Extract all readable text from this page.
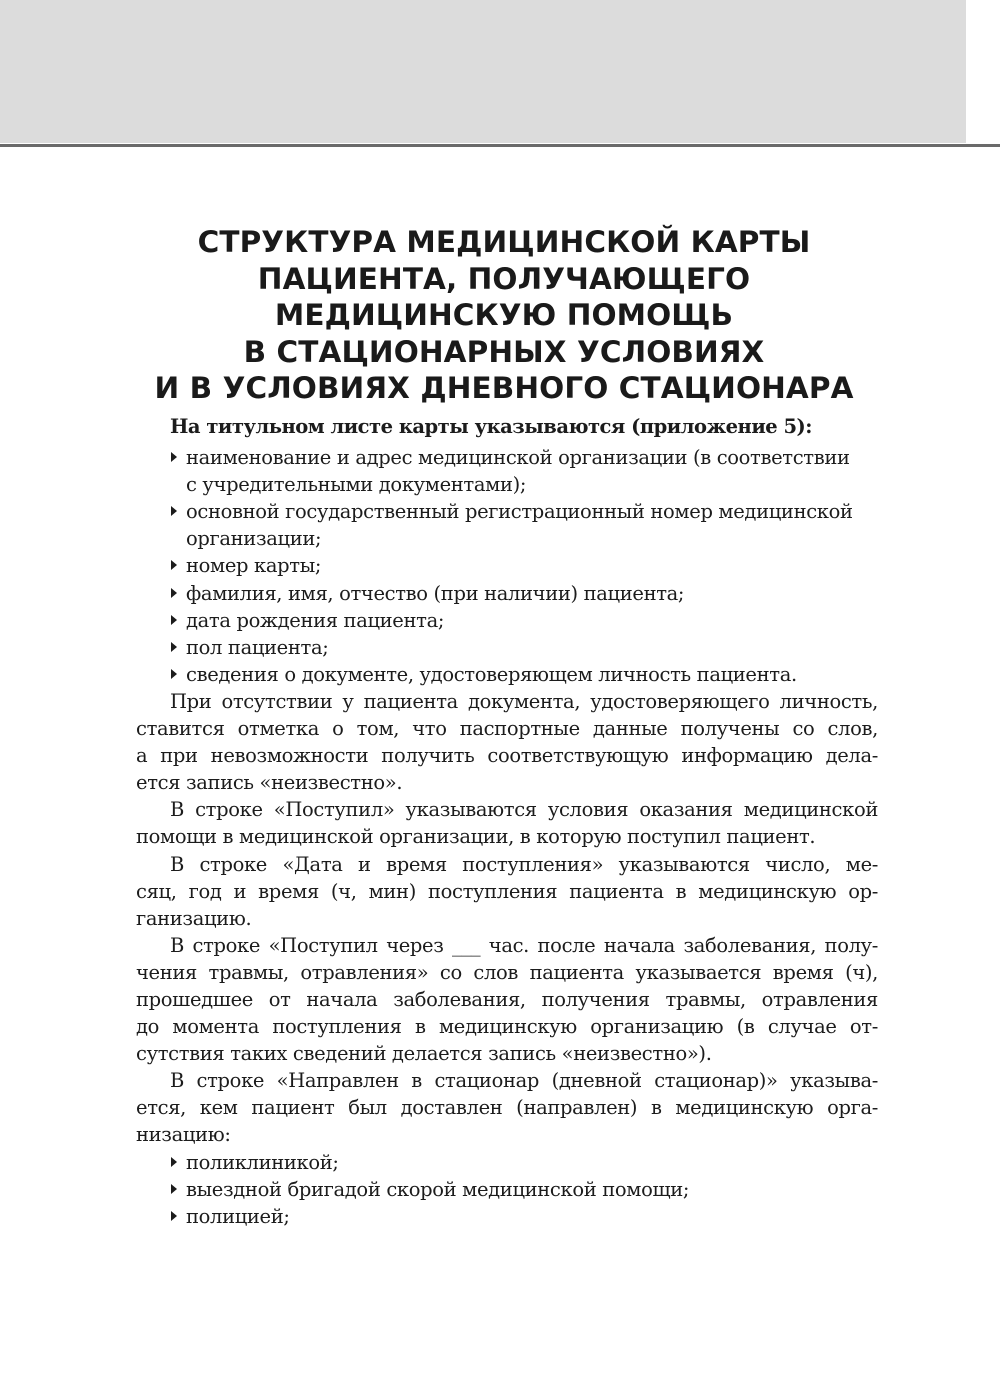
СТРУКТУРА МЕДИЦИНСКОЙ КАРТЫ
ПАЦИЕНТА, ПОЛУЧАЮЩЕГО
МЕДИЦИНСКУЮ ПОМОЩЬ
В СТАЦИОНАРНЫХ УСЛОВИЯХ
И В УСЛОВИЯХ ДНЕВНОГО СТАЦИОНАРА
На титульном листе карты указываются (приложение 5):
наименование и адрес медицинской организации (в соответствии
с учредительными документами);
основной государственный регистрационный номер медицинской
организации;
номер карты;
фамилия, имя, отчество (при наличии) пациента;
дата рождения пациента;
пол пациента;
сведения о документе, удостоверяющем личность пациента.

При отсутствии у пациента документа, удостоверяющего личность,
ставится отметка о том, что паспортные данные получены со слов,
а при невозможности получить соответствующую информацию дела-
ется запись «неизвестно».

В строке «Поступил» указываются условия оказания медицинской
помощи в медицинской организации, в которую поступил пациент.

В строке «Дата и время поступления» указываются число, ме-
сяц, год и время (ч, мин) поступления пациента в медицинскую ор-
ганизацию.

В строке «Поступил через ___ час. после начала заболевания, полу-
чения травмы, отравления» со слов пациента указывается время (ч),
прошедшее от начала заболевания, получения травмы, отравления
до момента поступления в медицинскую организацию (в случае от-
сутствия таких сведений делается запись «неизвестно»).

В строке «Направлен в стационар (дневной стационар)» указыва-
ется, кем пациент был доставлен (направлен) в медицинскую орга-
низацию:

поликлиникой;
выездной бригадой скорой медицинской помощи;
полицией;
